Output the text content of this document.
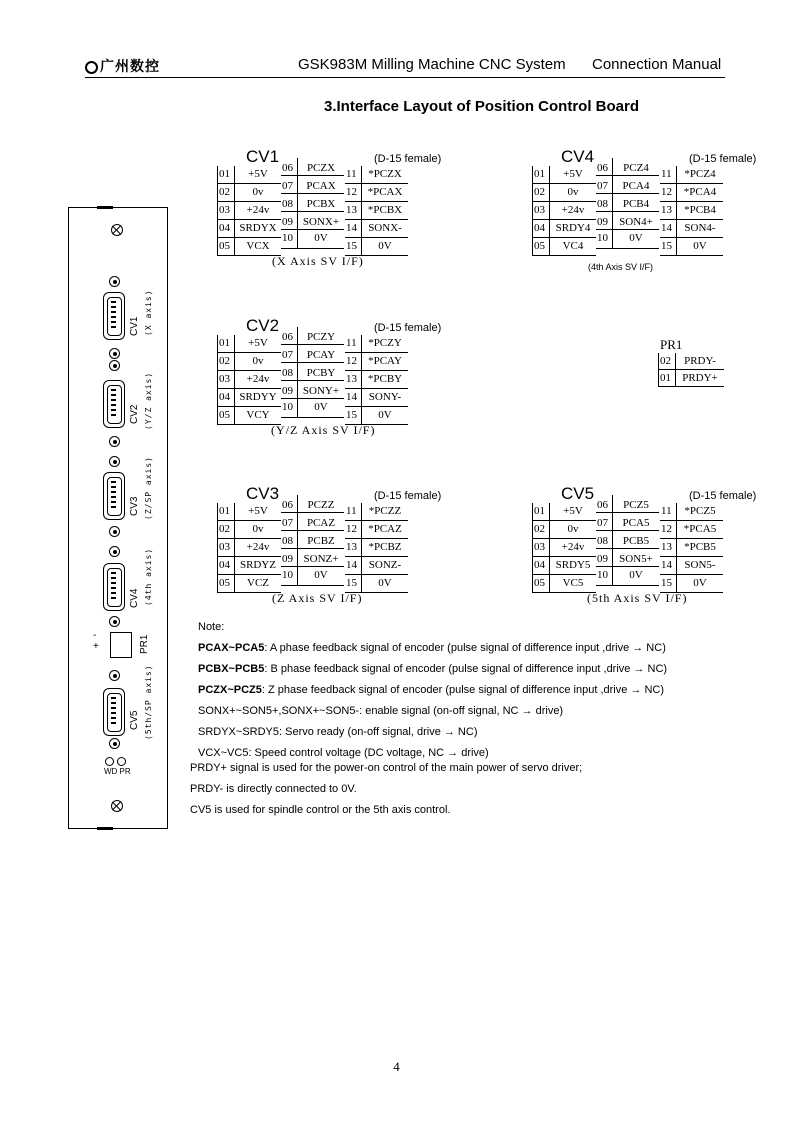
广州数控	GSK983M Milling Machine CNC System Connection Manual
3.Interface Layout of Position Control Board
CV1	(D-15 female)
01	+5V
02	0v
03	+24v
04 SRDYX
05	VCX
06	PCZX
07	PCAX
08	PCBX
09 SONX+
10	0V
11	*PCZX
12 *PCAX
13 *PCBX
14	SONX-
15	0V
(X Axis SV I/F)
CV4	(D-15 female)
01	+5V
02	0v
03	+24v
04 SRDY4
05	VC4
06	PCZ4
07	PCA4
08	PCB4
09	SON4+
10	0V
11	*PCZ4
12	*PCA4
13	*PCB4
14	SON4-
15	0V
(4th Axis SV I/F)
CV2	(D-15 female)
01	+5V
02	0v
03	+24v
04 SRDYY
05	VCY
06	PCZY
07	PCAY
08	PCBY
09 SONY+
10	0V
11	*PCZY
12	*PCAY
13 *PCBY
14	SONY-
15	0V
(Y/Z Axis SV I/F)
CV3	(D-15 female)
01	+5V
02	0v
03	+24v
04 SRDYZ
05	VCZ
06	PCZZ
07	PCAZ
08	PCBZ
09 SONZ+
10	0V
11	*PCZZ
12	*PCAZ
13	*PCBZ
14	SONZ-
15	0V
(Z Axis SV I/F)
CV5	(D-15 female)
01	+5V
02	0v
03	+24v
04 SRDY5
05	VC5
06	PCZ5
07	PCA5
08	PCB5
09	SON5+
10	0V
11	*PCZ5
12	*PCA5
13	*PCB5
14	SON5-
15	0V
(5th Axis SV I/F)
PR1
02	PRDY-
01	PRDY+
CV1 (X axis)
CV2 (Y/Z axis)
CV3 (Z/SP axis)
CV4 (4th axis)
-
+	PR1
CV5 (5th/SP axis)
WD PR
Note:
PCAX~PCA5: A phase feedback signal of encoder (pulse signal of difference input ,drive → NC)
PCBX~PCB5: B phase feedback signal of encoder (pulse signal of difference input ,drive → NC)
PCZX~PCZ5: Z phase feedback signal of encoder (pulse signal of difference input ,drive → NC)
SONX+~SON5+,SONX+~SON5-: enable signal (on-off signal, NC → drive)
SRDYX~SRDY5: Servo ready (on-off signal, drive → NC)
VCX~VC5: Speed control voltage (DC voltage, NC → drive)
PRDY+ signal is used for the power-on control of the main power of servo driver;
PRDY- is directly connected to 0V.
CV5 is used for spindle control or the 5th axis control.
4
